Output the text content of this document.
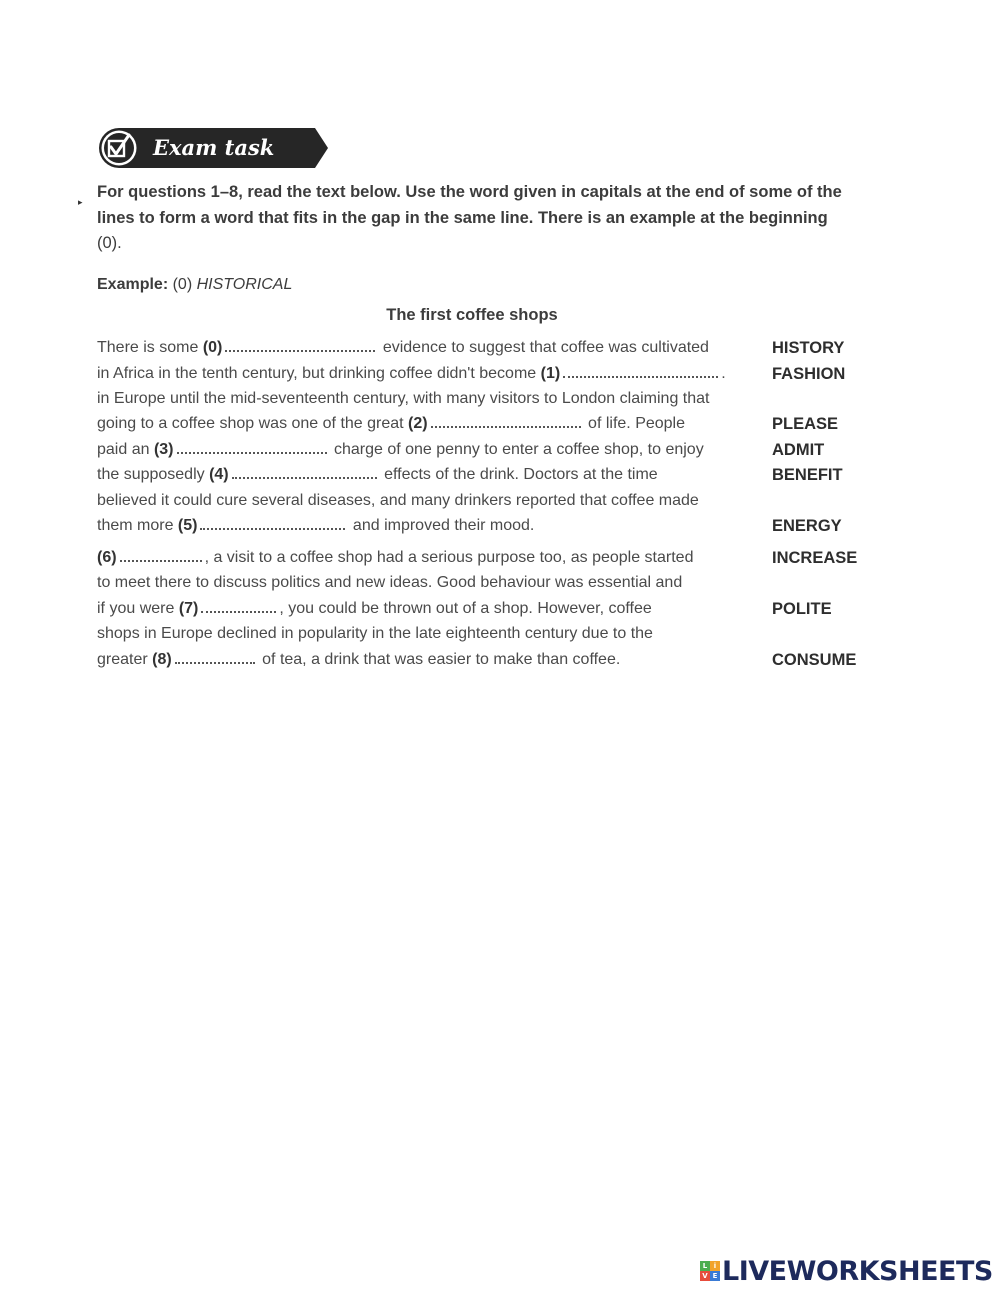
Exam task
▸
For questions 1–8, read the text below. Use the word given in capitals at the end of some of the lines to form a word that fits in the gap in the same line. There is an example at the beginning (0).
Example: (0) HISTORICAL
The first coffee shops
There is some (0)	evidence to suggest that coffee was cultivated
in Africa in the tenth century, but drinking coffee didn't become (1)	.
in Europe until the mid-seventeenth century, with many visitors to London claiming that
going to a coffee shop was one of the great (2)	of life. People
paid an (3)	charge of one penny to enter a coffee shop, to enjoy
the supposedly (4)	effects of the drink. Doctors at the time
believed it could cure several diseases, and many drinkers reported that coffee made
them more (5)	and improved their mood.
(6)	, a visit to a coffee shop had a serious purpose too, as people started
to meet there to discuss politics and new ideas. Good behaviour was essential and
if you were (7)	, you could be thrown out of a shop. However, coffee
shops in Europe declined in popularity in the late eighteenth century due to the
greater (8)	of tea, a drink that was easier to make than coffee.
HISTORY
FASHION
PLEASE
ADMIT
BENEFIT
ENERGY
INCREASE
POLITE
CONSUME
L i
V E LIVEWORKSHEETS
